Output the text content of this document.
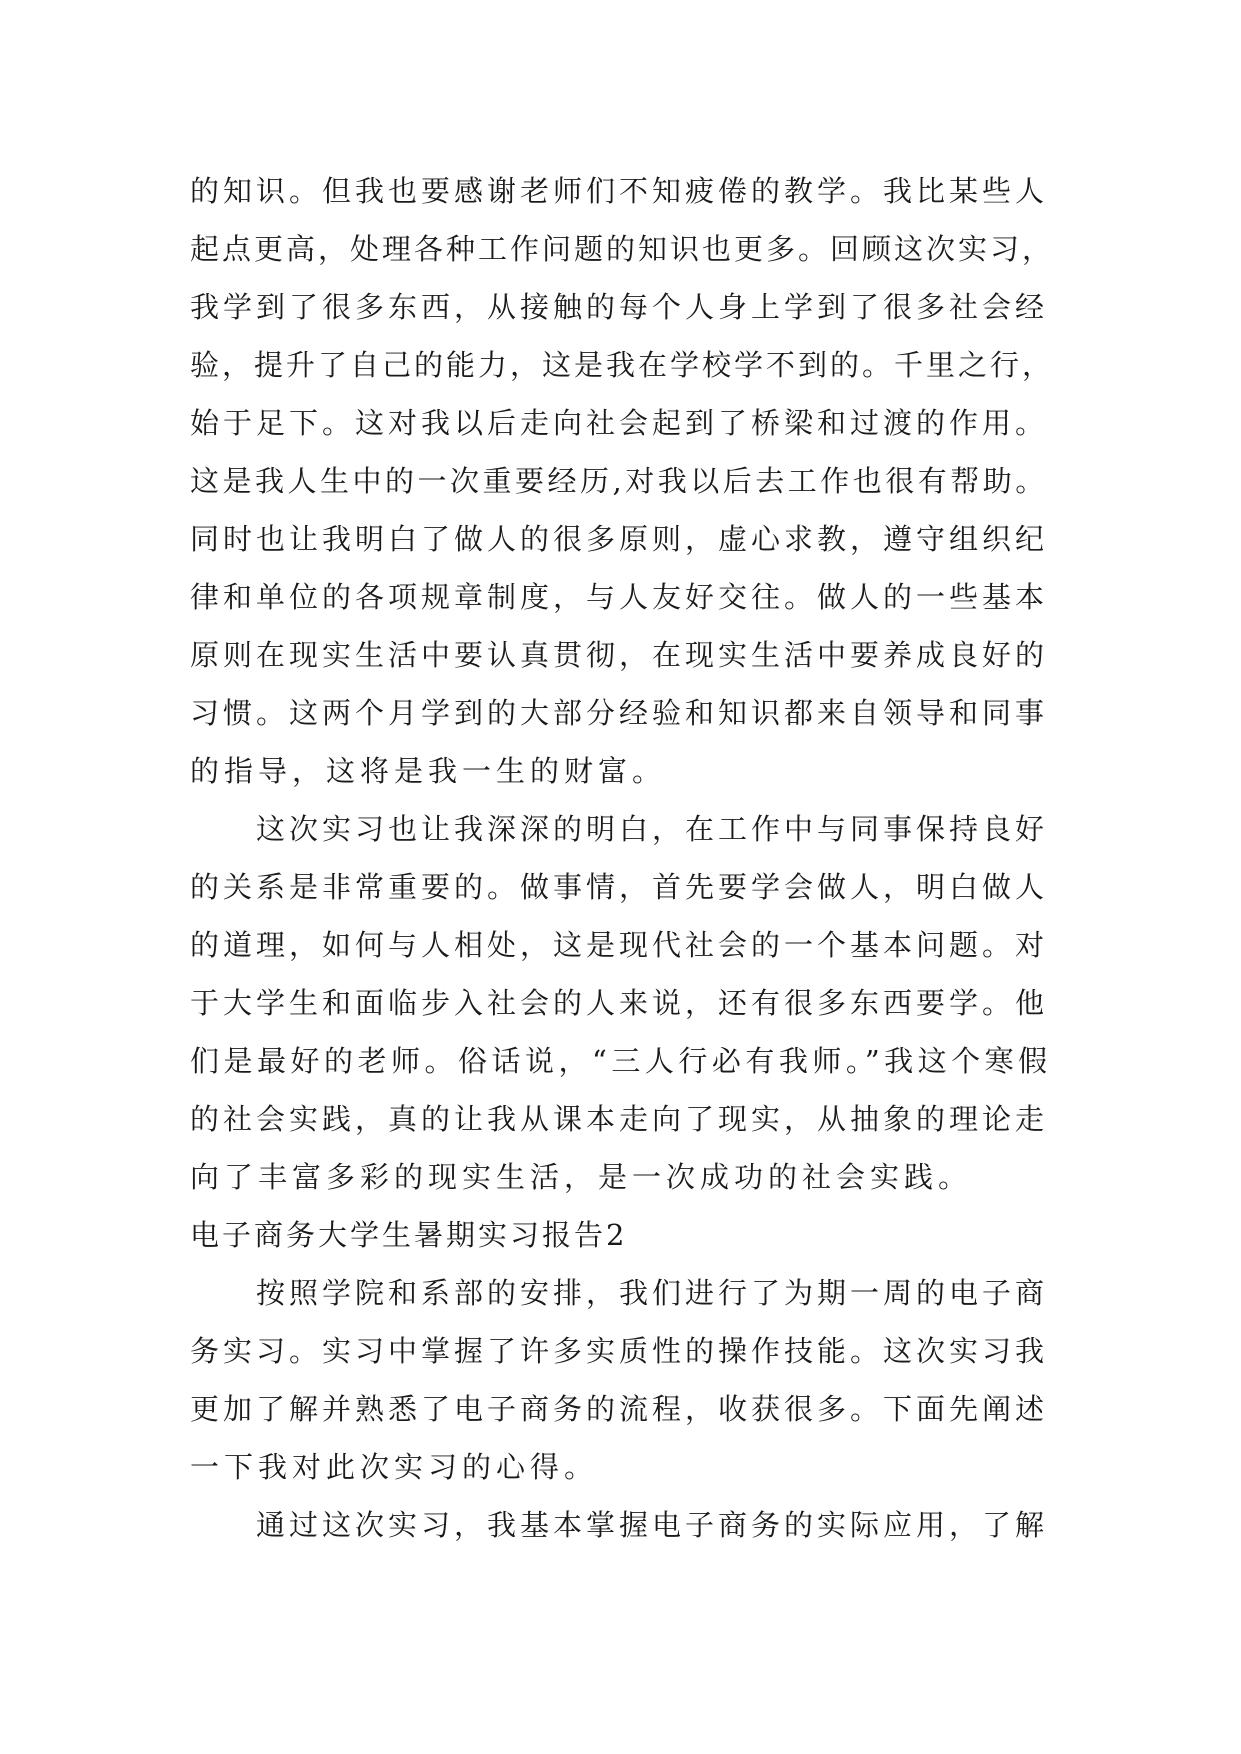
的知识。但我也要感谢老师们不知疲倦的教学。我比某些人
起点更高，处理各种工作问题的知识也更多。回顾这次实习，
我学到了很多东西，从接触的每个人身上学到了很多社会经
验，提升了自己的能力，这是我在学校学不到的。千里之行，
始于足下。这对我以后走向社会起到了桥梁和过渡的作用。
这是我人生中的一次重要经历,对我以后去工作也很有帮助。
同时也让我明白了做人的很多原则，虚心求教，遵守组织纪
律和单位的各项规章制度，与人友好交往。做人的一些基本
原则在现实生活中要认真贯彻，在现实生活中要养成良好的
习惯。这两个月学到的大部分经验和知识都来自领导和同事
的指导，这将是我一生的财富。
　　这次实习也让我深深的明白，在工作中与同事保持良好
的关系是非常重要的。做事情，首先要学会做人，明白做人
的道理，如何与人相处，这是现代社会的一个基本问题。对
于大学生和面临步入社会的人来说，还有很多东西要学。他
们是最好的老师。俗话说，“三人行必有我师。”我这个寒假
的社会实践，真的让我从课本走向了现实，从抽象的理论走
向了丰富多彩的现实生活，是一次成功的社会实践。
电子商务大学生暑期实习报告2
　　按照学院和系部的安排，我们进行了为期一周的电子商
务实习。实习中掌握了许多实质性的操作技能。这次实习我
更加了解并熟悉了电子商务的流程，收获很多。下面先阐述
一下我对此次实习的心得。
　　通过这次实习，我基本掌握电子商务的实际应用，了解
